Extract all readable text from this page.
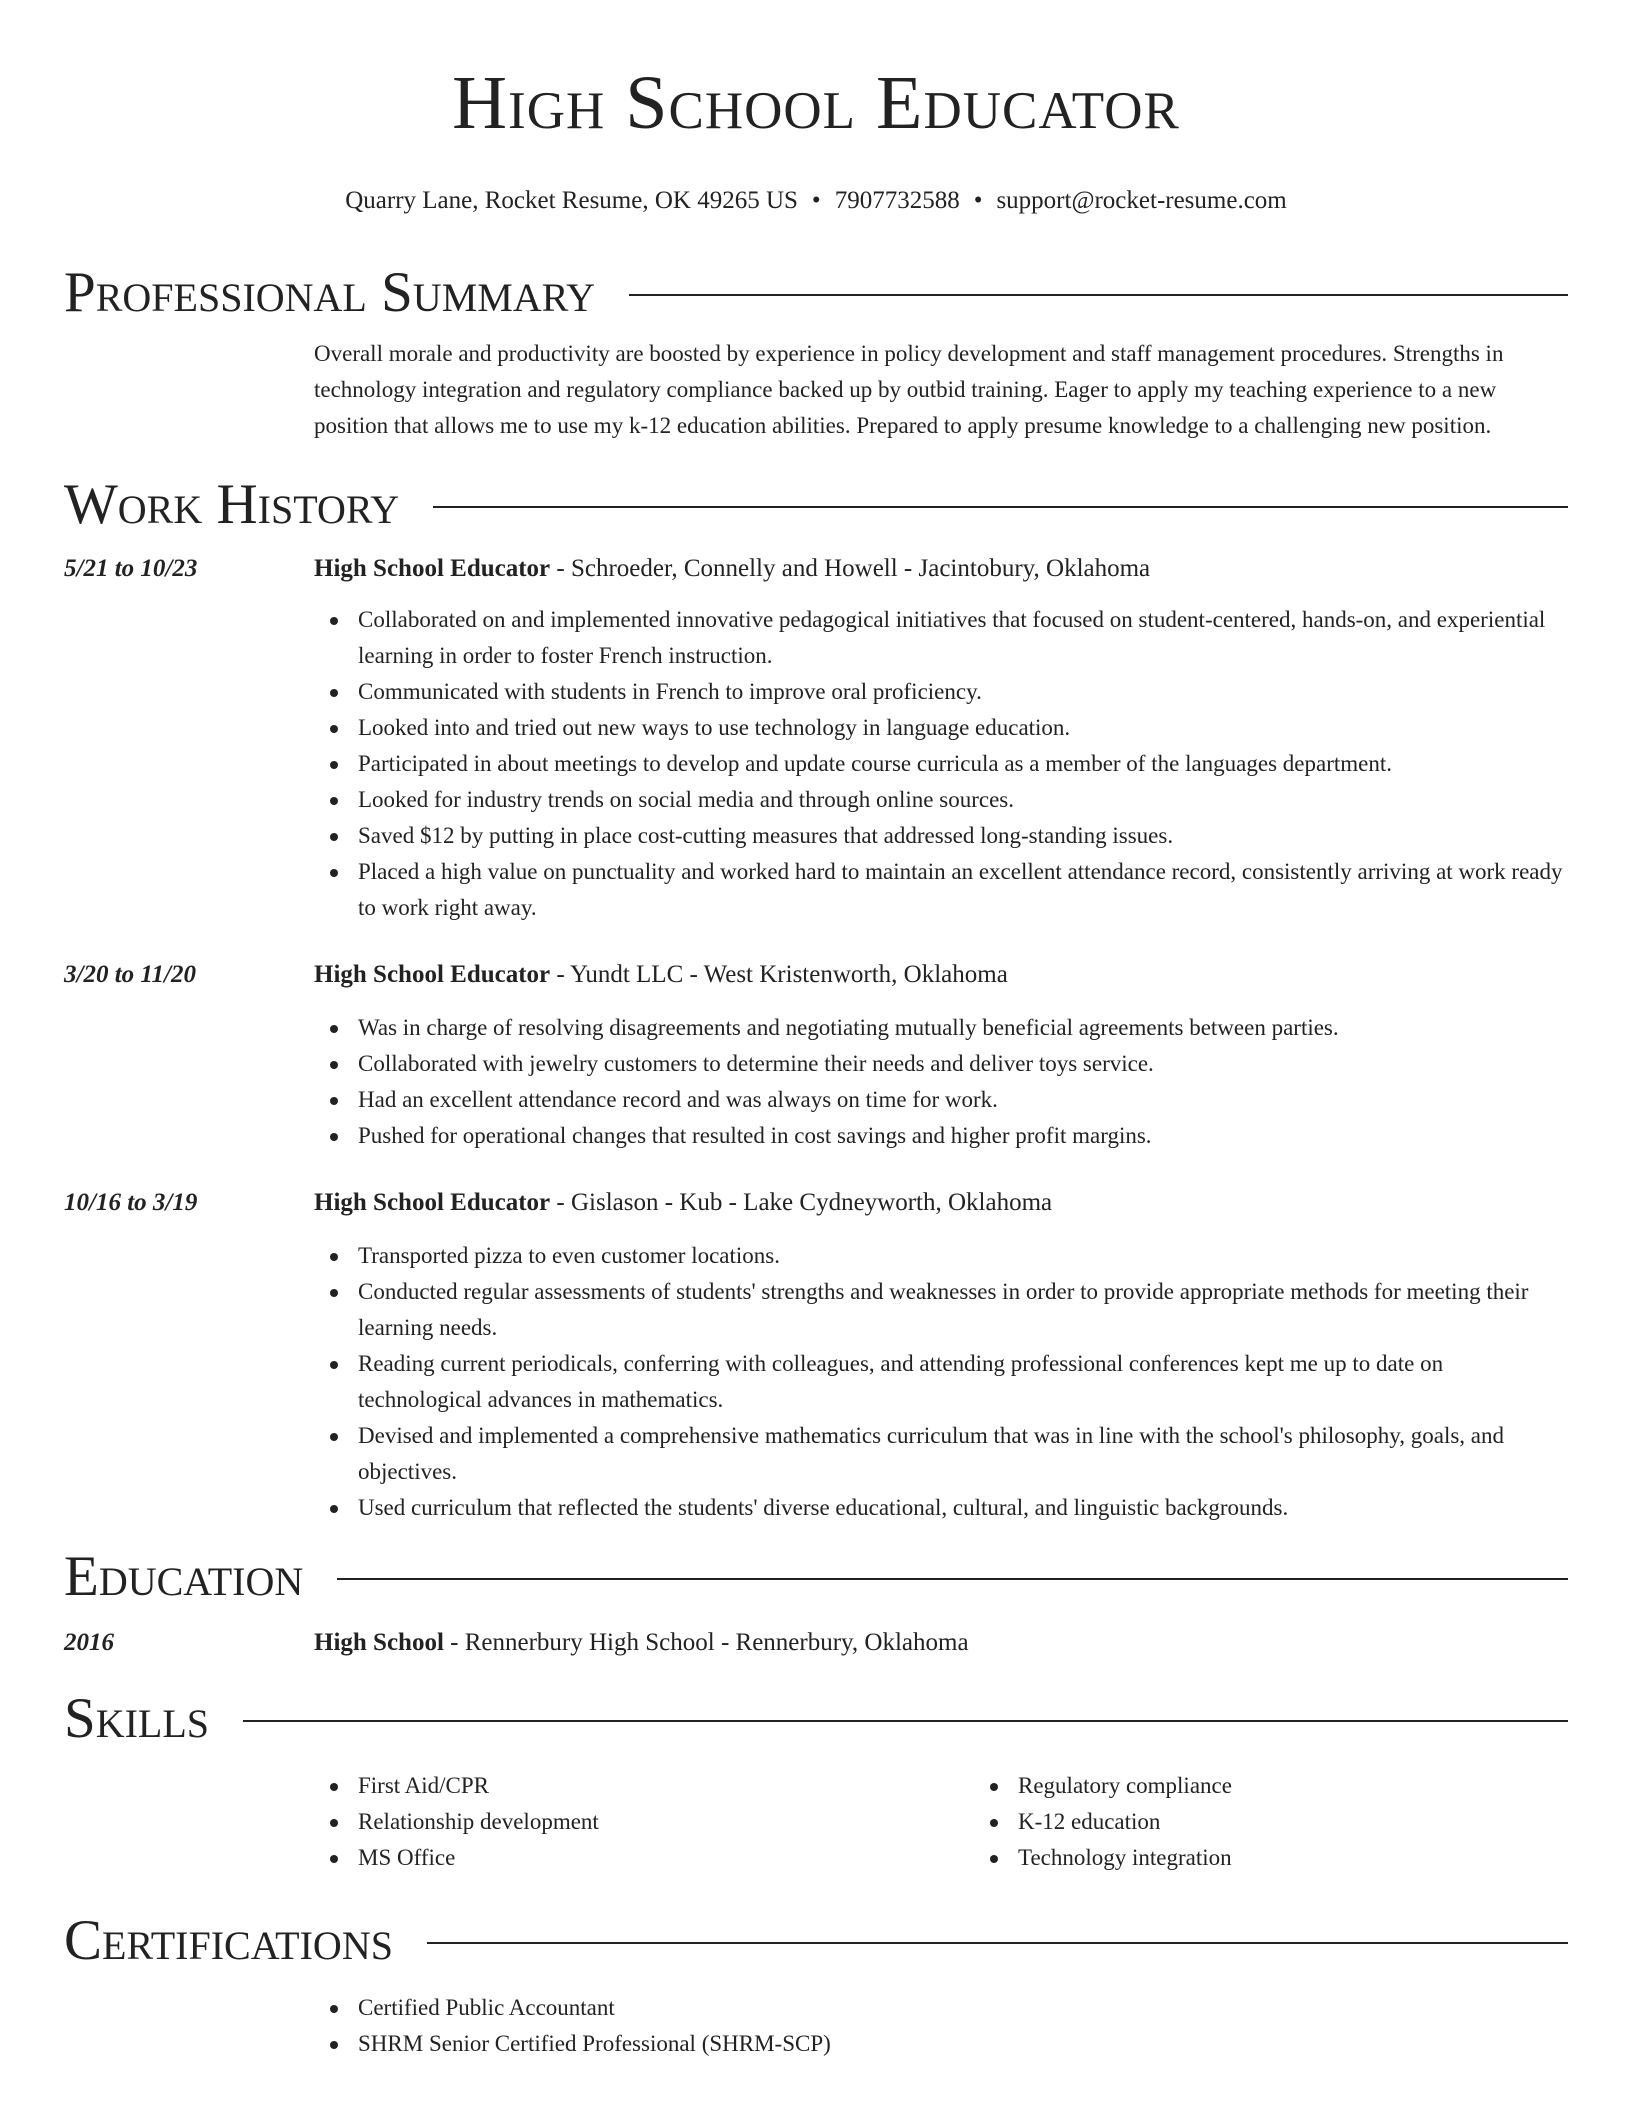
High School Educator
Quarry Lane, Rocket Resume, OK 49265 US • 7907732588 • support@rocket-resume.com
Professional Summary
Overall morale and productivity are boosted by experience in policy development and staff management procedures. Strengths in technology integration and regulatory compliance backed up by outbid training. Eager to apply my teaching experience to a new position that allows me to use my k-12 education abilities. Prepared to apply presume knowledge to a challenging new position.
Work History
5/21 to 10/23	High School Educator - Schroeder, Connelly and Howell - Jacintobury, Oklahoma
Collaborated on and implemented innovative pedagogical initiatives that focused on student-centered, hands-on, and experiential learning in order to foster French instruction.
Communicated with students in French to improve oral proficiency.
Looked into and tried out new ways to use technology in language education.
Participated in about meetings to develop and update course curricula as a member of the languages department.
Looked for industry trends on social media and through online sources.
Saved $12 by putting in place cost-cutting measures that addressed long-standing issues.
Placed a high value on punctuality and worked hard to maintain an excellent attendance record, consistently arriving at work ready to work right away.
3/20 to 11/20	High School Educator - Yundt LLC - West Kristenworth, Oklahoma
Was in charge of resolving disagreements and negotiating mutually beneficial agreements between parties.
Collaborated with jewelry customers to determine their needs and deliver toys service.
Had an excellent attendance record and was always on time for work.
Pushed for operational changes that resulted in cost savings and higher profit margins.
10/16 to 3/19	High School Educator - Gislason - Kub - Lake Cydneyworth, Oklahoma
Transported pizza to even customer locations.
Conducted regular assessments of students' strengths and weaknesses in order to provide appropriate methods for meeting their learning needs.
Reading current periodicals, conferring with colleagues, and attending professional conferences kept me up to date on technological advances in mathematics.
Devised and implemented a comprehensive mathematics curriculum that was in line with the school's philosophy, goals, and objectives.
Used curriculum that reflected the students' diverse educational, cultural, and linguistic backgrounds.
Education
2016	High School - Rennerbury High School - Rennerbury, Oklahoma
Skills
First Aid/CPR
Relationship development
MS Office
Regulatory compliance
K-12 education
Technology integration
Certifications
Certified Public Accountant
SHRM Senior Certified Professional (SHRM-SCP)
